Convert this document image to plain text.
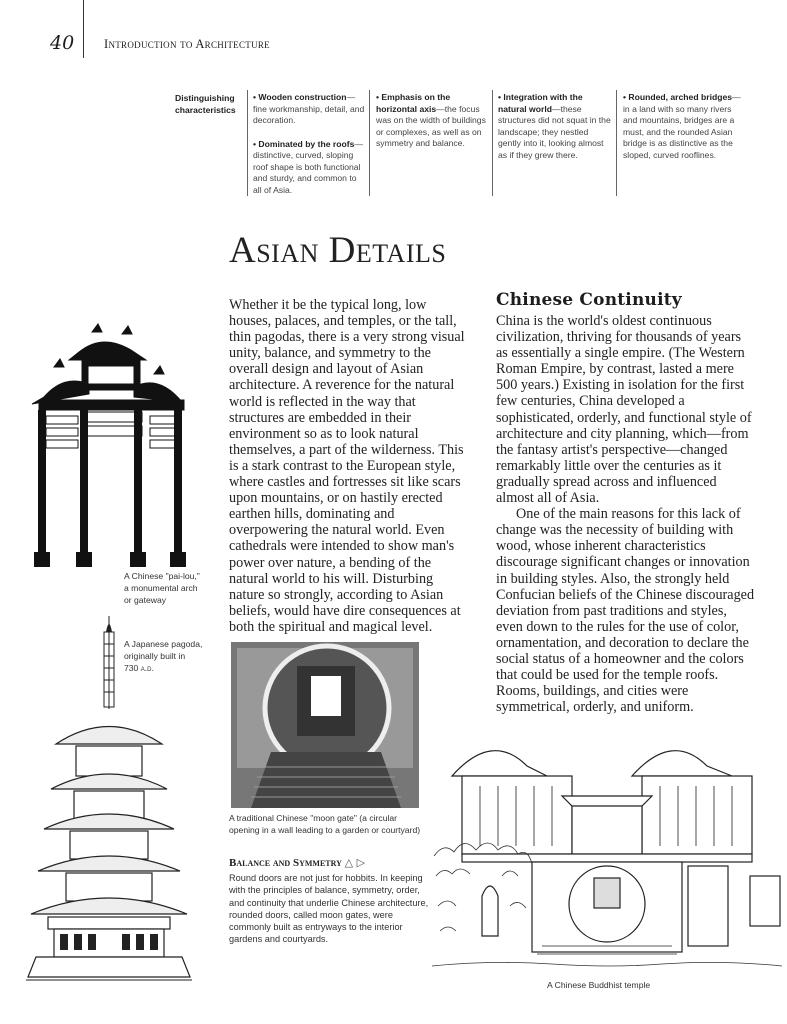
40 Introduction to Architecture
Distinguishing
characteristics

• Wooden construction—fine workmanship, detail, and decoration.

• Dominated by the roofs—distinctive, curved, sloping roof shape is both functional and sturdy, and common to all of Asia.

• Emphasis on the horizontal axis—the focus was on the width of buildings or complexes, as well as on symmetry and balance.

• Integration with the natural world—these structures did not squat in the landscape; they nestled gently into it, looking almost as if they grew there.

• Rounded, arched bridges—in a land with so many rivers and mountains, bridges are a must, and the rounded Asian bridge is as distinctive as the sloped, curved rooflines.

Asian Details

Whether it be the typical long, low houses, palaces, and temples, or the tall, thin pagodas, there is a very strong visual unity, balance, and symmetry to the overall design and layout of Asian architecture. A reverence for the natural world is reflected in the way that structures are embedded in their environment so as to look natural themselves, a part of the wilderness. This is a stark contrast to the European style, where castles and fortresses sit like scars upon mountains, or on hastily erected earthen hills, dominating and overpowering the natural world. Even cathedrals were intended to show man's power over nature, a bending of the natural world to his will. Disturbing nature so strongly, according to Asian beliefs, would have dire consequences at both the spiritual and magical level.

Chinese Continuity

China is the world's oldest continuous civilization, thriving for thousands of years as essentially a single empire. (The Western Roman Empire, by contrast, lasted a mere 500 years.) Existing in isolation for the first few centuries, China developed a sophisticated, orderly, and functional style of architecture and city planning, which—from the fantasy artist's perspective—changed remarkably little over the centuries as it gradually spread across and influenced almost all of Asia.

One of the main reasons for this lack of change was the necessity of building with wood, whose inherent characteristics discourage significant changes or innovation in building styles. Also, the strongly held Confucian beliefs of the Chinese discouraged deviation from past traditions and styles, even down to the rules for the use of color, ornamentation, and decoration to declare the social status of a homeowner and the colors that could be used for the temple roofs. Rooms, buildings, and cities were symmetrical, orderly, and uniform.

A Chinese "pai-lou,"
a monumental arch
or gateway
A Japanese pagoda,
originally built in
730 a.d.
A traditional Chinese "moon gate" (a circular
opening in a wall leading to a garden or courtyard)
Balance and Symmetry △ ▷
Round doors are not just for hobbits. In keeping with the principles of balance, symmetry, order, and continuity that underlie Chinese architecture, rounded doors, called moon gates, were commonly built as entryways to the interior gardens and courtyards.
A Chinese Buddhist temple
